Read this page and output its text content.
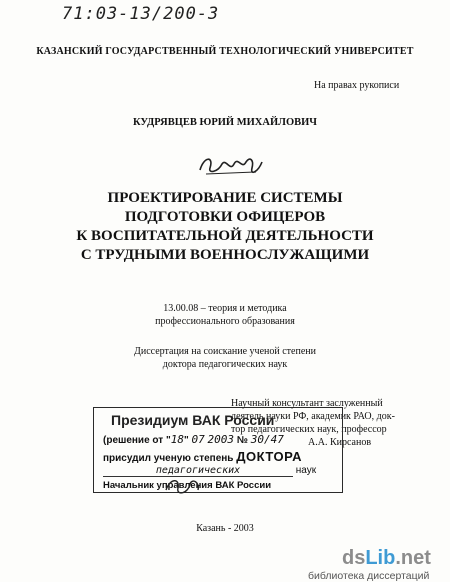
71:03-13/200-3
КАЗАНСКИЙ ГОСУДАРСТВЕННЫЙ ТЕХНОЛОГИЧЕСКИЙ УНИВЕРСИТЕТ
На правах рукописи
КУДРЯВЦЕВ ЮРИЙ МИХАЙЛОВИЧ
ПРОЕКТИРОВАНИЕ СИСТЕМЫ
ПОДГОТОВКИ ОФИЦЕРОВ
К ВОСПИТАТЕЛЬНОЙ ДЕЯТЕЛЬНОСТИ
С ТРУДНЫМИ ВОЕННОСЛУЖАЩИМИ
13.00.08 – теория и методика
профессионального образования
Диссертация на соискание ученой степени
доктора педагогических наук
Научный консультант заслуженный
деятель науки РФ, академик РАО, док-
тор педагогических наук, профессор
А.А. Кирсанов
Президиум ВАК России
(решение от "18" 07 2003 № 30/47
присудил ученую степень ДОКТОРА
педагогических	наук
Начальник управления ВАК России
Казань - 2003
dsLib.net
библиотека диссертаций
